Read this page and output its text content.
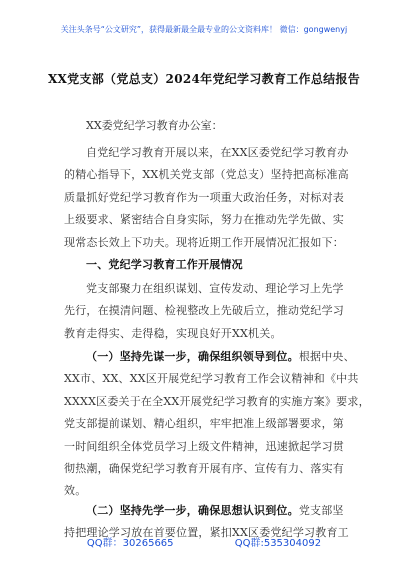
关注头条号“公文研究”，获得最新最全最专业的公文资料库！ 微信：gongwenyj
XX党支部（党总支）2024年党纪学习教育工作总结报告
XX委党纪学习教育办公室：
自党纪学习教育开展以来，在XX区委党纪学习教育办
的精心指导下，XX机关党支部（党总支）坚持把高标准高
质量抓好党纪学习教育作为一项重大政治任务，对标对表
上级要求、紧密结合自身实际，努力在推动先学先做、实
现常态长效上下功夫。现将近期工作开展情况汇报如下：
一、党纪学习教育工作开展情况
党支部聚力在组织谋划、宣传发动、理论学习上先学
先行，在摸清问题、检视整改上先破后立，推动党纪学习
教育走得实、走得稳，实现良好开XX机关。
（一）坚持先谋一步，确保组织领导到位。根据中央、
XX市、XX、XX区开展党纪学习教育工作会议精神和《中共
XXXX区委关于在全XX开展党纪学习教育的实施方案》要求，
党支部提前谋划、精心组织，牢牢把准上级部署要求，第
一时间组织全体党员学习上级文件精神，迅速掀起学习贯
彻热潮，确保党纪学习教育开展有序、宣传有力、落实有
效。
（二）坚持先学一步，确保思想认识到位。党支部坚
持把理论学习放在首要位置，紧扣XX区委党纪学习教育工
QQ群：30265665	QQ群:535304092
